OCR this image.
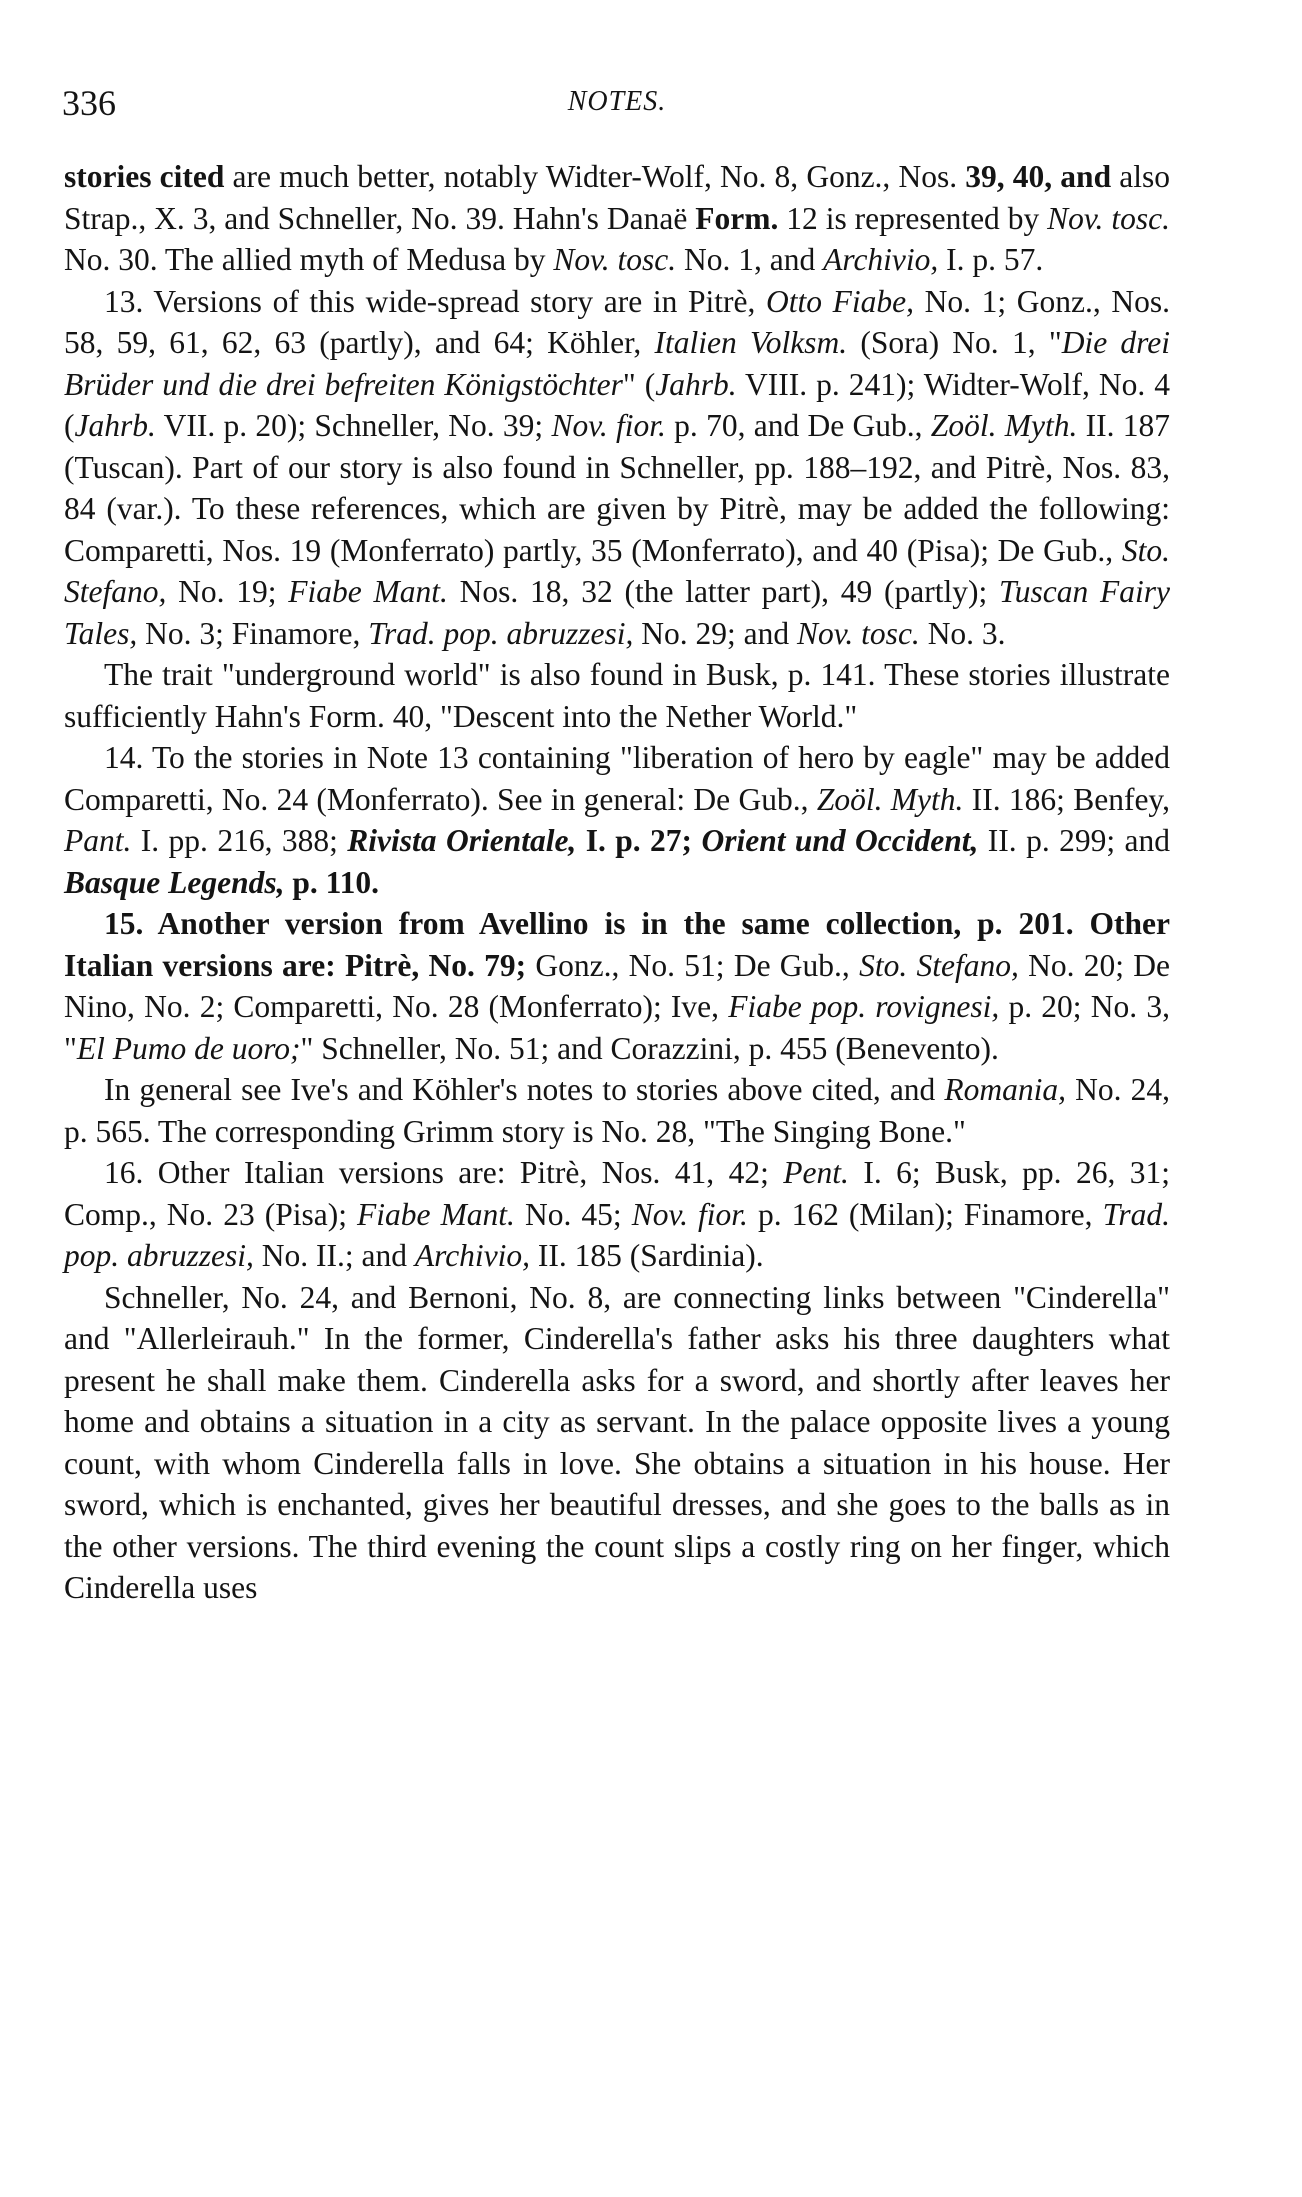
336	NOTES.

stories cited are much better, notably Widter-Wolf, No. 8, Gonz., Nos. 39, 40, and also Strap., X. 3, and Schneller, No. 39. Hahn's Danaë Form. 12 is represented by Nov. tosc. No. 30. The allied myth of Medusa by Nov. tosc. No. 1, and Archivio, I. p. 57.

13. Versions of this wide-spread story are in Pitrè, Otto Fiabe, No. 1; Gonz., Nos. 58, 59, 61, 62, 63 (partly), and 64; Köhler, Italien Volksm. (Sora) No. 1, "Die drei Brüder und die drei befreiten Königstöchter" (Jahrb. VIII. p. 241); Widter-Wolf, No. 4 (Jahrb. VII. p. 20); Schneller, No. 39; Nov. fior. p. 70, and De Gub., Zoöl. Myth. II. 187 (Tuscan). Part of our story is also found in Schneller, pp. 188–192, and Pitrè, Nos. 83, 84 (var.). To these references, which are given by Pitrè, may be added the following: Comparetti, Nos. 19 (Monferrato) partly, 35 (Monferrato), and 40 (Pisa); De Gub., Sto. Stefano, No. 19; Fiabe Mant. Nos. 18, 32 (the latter part), 49 (partly); Tuscan Fairy Tales, No. 3; Finamore, Trad. pop. abruzzesi, No. 29; and Nov. tosc. No. 3.

The trait "underground world" is also found in Busk, p. 141. These stories illustrate sufficiently Hahn's Form. 40, "Descent into the Nether World."

14. To the stories in Note 13 containing "liberation of hero by eagle" may be added Comparetti, No. 24 (Monferrato). See in general: De Gub., Zoöl. Myth. II. 186; Benfey, Pant. I. pp. 216, 388; Rivista Orientale, I. p. 27; Orient und Occident, II. p. 299; and Basque Legends, p. 110.

15. Another version from Avellino is in the same collection, p. 201. Other Italian versions are: Pitrè, No. 79; Gonz., No. 51; De Gub., Sto. Stefano, No. 20; De Nino, No. 2; Comparetti, No. 28 (Monferrato); Ive, Fiabe pop. rovignesi, p. 20; No. 3, "El Pumo de uoro;" Schneller, No. 51; and Corazzini, p. 455 (Benevento).

In general see Ive's and Köhler's notes to stories above cited, and Romania, No. 24, p. 565. The corresponding Grimm story is No. 28, "The Singing Bone."

16. Other Italian versions are: Pitrè, Nos. 41, 42; Pent. I. 6; Busk, pp. 26, 31; Comp., No. 23 (Pisa); Fiabe Mant. No. 45; Nov. fior. p. 162 (Milan); Finamore, Trad. pop. abruzzesi, No. II.; and Archivio, II. 185 (Sardinia).

Schneller, No. 24, and Bernoni, No. 8, are connecting links between "Cinderella" and "Allerleirauh." In the former, Cinderella's father asks his three daughters what present he shall make them. Cinderella asks for a sword, and shortly after leaves her home and obtains a situation in a city as servant. In the palace opposite lives a young count, with whom Cinderella falls in love. She obtains a situation in his house. Her sword, which is enchanted, gives her beautiful dresses, and she goes to the balls as in the other versions. The third evening the count slips a costly ring on her finger, which Cinderella uses
